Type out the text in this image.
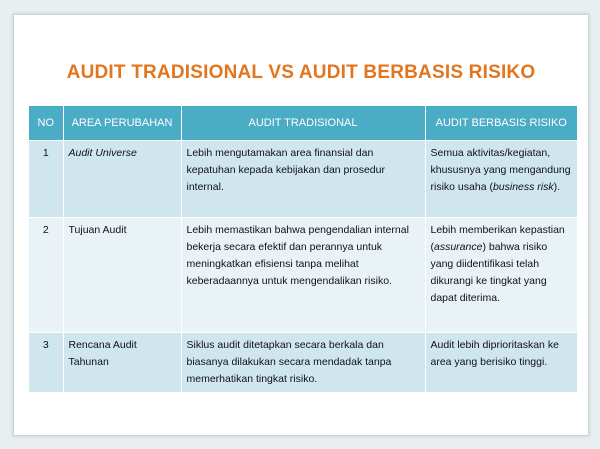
AUDIT TRADISIONAL VS AUDIT BERBASIS RISIKO
NO	AREA PERUBAHAN	AUDIT TRADISIONAL	AUDIT BERBASIS RISIKO
1	Audit Universe	Lebih mengutamakan area finansial dan kepatuhan kepada kebijakan dan prosedur internal.	Semua aktivitas/kegiatan, khususnya yang mengandung risiko usaha (business risk).
2	Tujuan Audit	Lebih memastikan bahwa pengendalian internal bekerja secara efektif dan perannya untuk meningkatkan efisiensi tanpa melihat keberadaannya untuk mengendalikan risiko.	Lebih memberikan kepastian (assurance) bahwa risiko yang diidentifikasi telah dikurangi ke tingkat yang dapat diterima.
3	Rencana Audit Tahunan	Siklus audit ditetapkan secara berkala dan biasanya dilakukan secara mendadak tanpa memerhatikan tingkat risiko.	Audit lebih diprioritaskan ke area yang berisiko tinggi.
